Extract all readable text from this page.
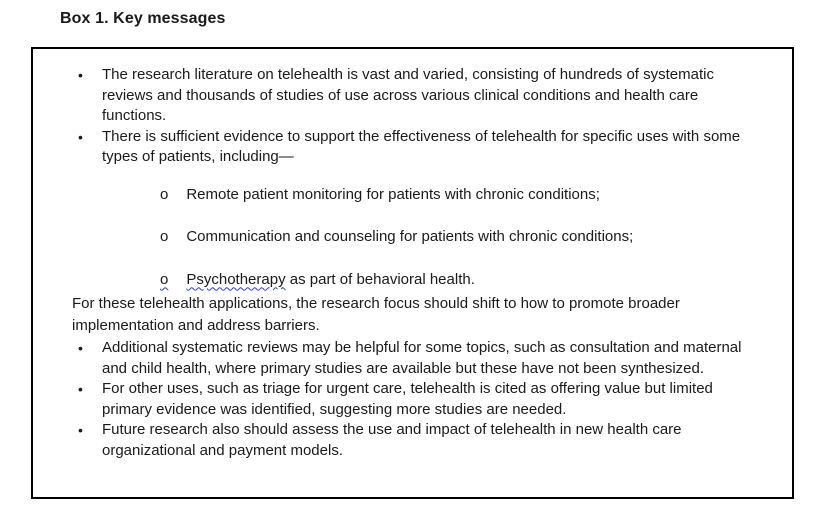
Box 1. Key messages
•	The research literature on telehealth is vast and varied, consisting of hundreds of systematic reviews and thousands of studies of use across various clinical conditions and health care functions.
•	There is sufficient evidence to support the effectiveness of telehealth for specific uses with some types of patients, including—
o Remote patient monitoring for patients with chronic conditions;
o Communication and counseling for patients with chronic conditions;
o Psychotherapy as part of behavioral health.

For these telehealth applications, the research focus should shift to how to promote broader implementation and address barriers.

•	Additional systematic reviews may be helpful for some topics, such as consultation and maternal and child health, where primary studies are available but these have not been synthesized.
•	For other uses, such as triage for urgent care, telehealth is cited as offering value but limited primary evidence was identified, suggesting more studies are needed.
•	Future research also should assess the use and impact of telehealth in new health care organizational and payment models.
